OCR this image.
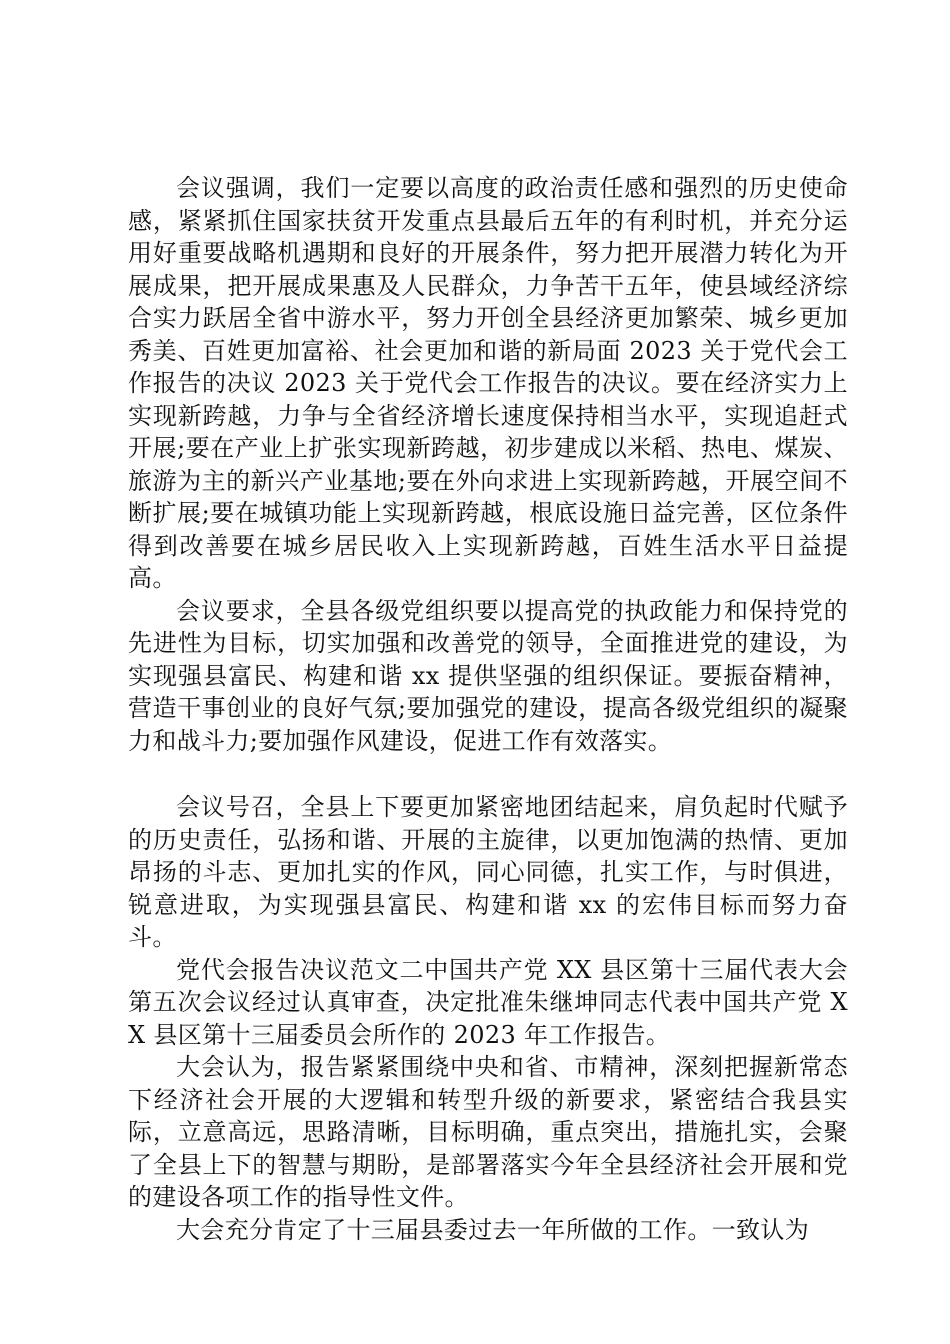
会议强调，我们一定要以高度的政治责任感和强烈的历史使命感，紧紧抓住国家扶贫开发重点县最后五年的有利时机，并充分运用好重要战略机遇期和良好的开展条件，努力把开展潜力转化为开展成果，把开展成果惠及人民群众，力争苦干五年，使县域经济综合实力跃居全省中游水平，努力开创全县经济更加繁荣、城乡更加秀美、百姓更加富裕、社会更加和谐的新局面 2023 关于党代会工作报告的决议 2023 关于党代会工作报告的决议。要在经济实力上实现新跨越，力争与全省经济增长速度保持相当水平，实现追赶式开展;要在产业上扩张实现新跨越，初步建成以米稻、热电、煤炭、旅游为主的新兴产业基地;要在外向求进上实现新跨越，开展空间不断扩展;要在城镇功能上实现新跨越，根底设施日益完善，区位条件得到改善要在城乡居民收入上实现新跨越，百姓生活水平日益提高。

会议要求，全县各级党组织要以提高党的执政能力和保持党的先进性为目标，切实加强和改善党的领导，全面推进党的建设，为实现强县富民、构建和谐 xx 提供坚强的组织保证。要振奋精神，营造干事创业的良好气氛;要加强党的建设，提高各级党组织的凝聚力和战斗力;要加强作风建设，促进工作有效落实。

会议号召，全县上下要更加紧密地团结起来，肩负起时代赋予的历史责任，弘扬和谐、开展的主旋律，以更加饱满的热情、更加昂扬的斗志、更加扎实的作风，同心同德，扎实工作，与时俱进，锐意进取，为实现强县富民、构建和谐 xx 的宏伟目标而努力奋斗。

党代会报告决议范文二中国共产党 XX 县区第十三届代表大会第五次会议经过认真审查，决定批准朱继坤同志代表中国共产党 XX 县区第十三届委员会所作的 2023 年工作报告。

大会认为，报告紧紧围绕中央和省、市精神，深刻把握新常态下经济社会开展的大逻辑和转型升级的新要求，紧密结合我县实际，立意高远，思路清晰，目标明确，重点突出，措施扎实，会聚了全县上下的智慧与期盼，是部署落实今年全县经济社会开展和党的建设各项工作的指导性文件。

大会充分肯定了十三届县委过去一年所做的工作。一致认为
